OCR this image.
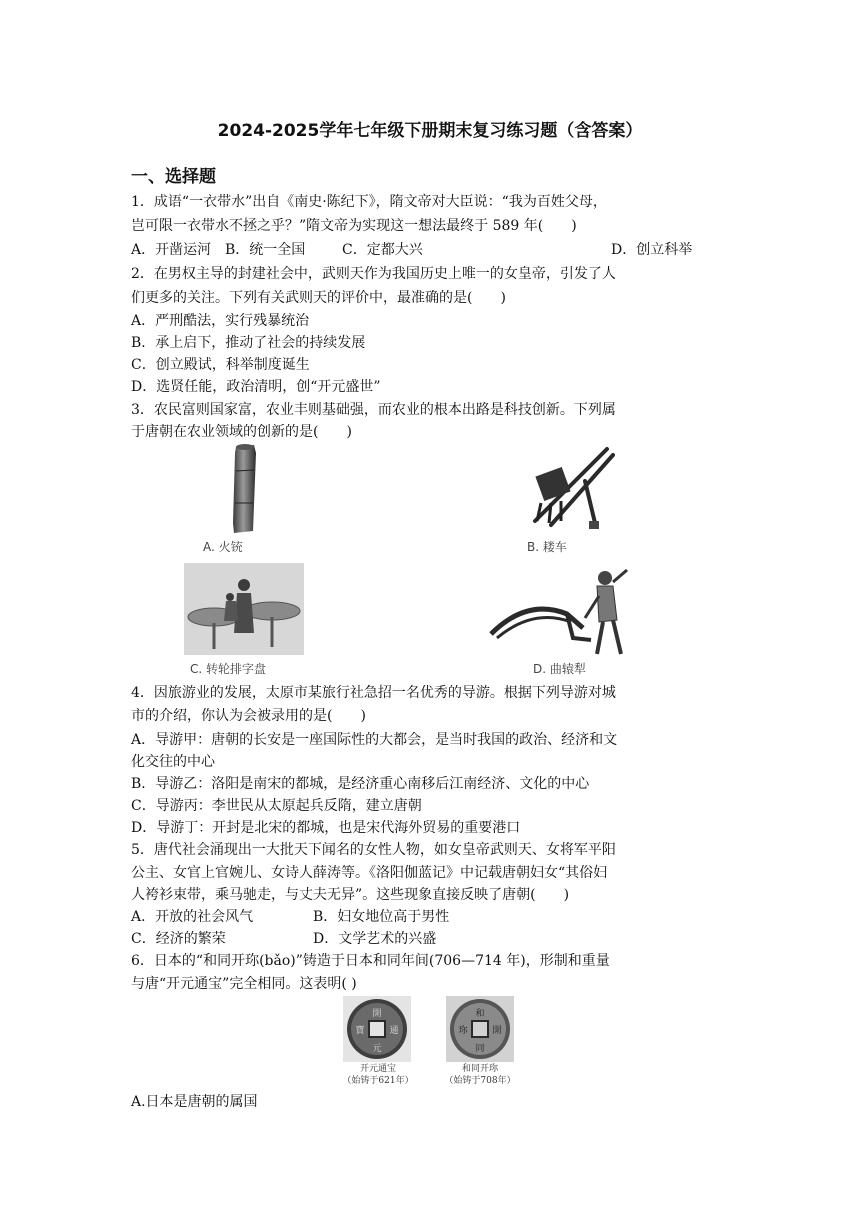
2024-2025学年七年级下册期末复习练习题（含答案）
一、选择题
1．成语“一衣带水”出自《南史·陈纪下》，隋文帝对大臣说：“我为百姓父母，
岂可限一衣带水不拯之乎？”隋文帝为实现这一想法最终于 589 年(　　)
A．开凿运河 B．统一全国	C．定都大兴	D．创立科举
2．在男权主导的封建社会中，武则天作为我国历史上唯一的女皇帝，引发了人
们更多的关注。下列有关武则天的评价中，最准确的是(　　)
A．严刑酷法，实行残暴统治
B．承上启下，推动了社会的持续发展
C．创立殿试，科举制度诞生
D．选贤任能，政治清明，创“开元盛世”
3．农民富则国家富，农业丰则基础强，而农业的根本出路是科技创新。下列属
于唐朝在农业领域的创新的是(　　)
A. 火铳	B. 耧车
C. 转轮排字盘	D. 曲辕犁
4．因旅游业的发展，太原市某旅行社急招一名优秀的导游。根据下列导游对城
市的介绍，你认为会被录用的是(　　)
A．导游甲：唐朝的长安是一座国际性的大都会，是当时我国的政治、经济和文
化交往的中心
B．导游乙：洛阳是南宋的都城，是经济重心南移后江南经济、文化的中心
C．导游丙：李世民从太原起兵反隋，建立唐朝
D．导游丁：开封是北宋的都城，也是宋代海外贸易的重要港口
5．唐代社会涌现出一大批天下闻名的女性人物，如女皇帝武则天、女将军平阳
公主、女官上官婉儿、女诗人薛涛等。《洛阳伽蓝记》中记载唐朝妇女“其俗妇
人袴衫束带，乘马驰走，与丈夫无异”。这些现象直接反映了唐朝(　　)
A．开放的社会风气	B．妇女地位高于男性
C．经济的繁荣	D．文学艺术的兴盛
6．日本的“和同开珎(bǎo)”铸造于日本和同年间(706—714 年)，形制和重量
与唐“开元通宝”完全相同。这表明( )
開
元
寶	通
开元通宝
（始铸于621年）
和
同
珎	開
和同开珎
（始铸于708年）
A.日本是唐朝的属国
